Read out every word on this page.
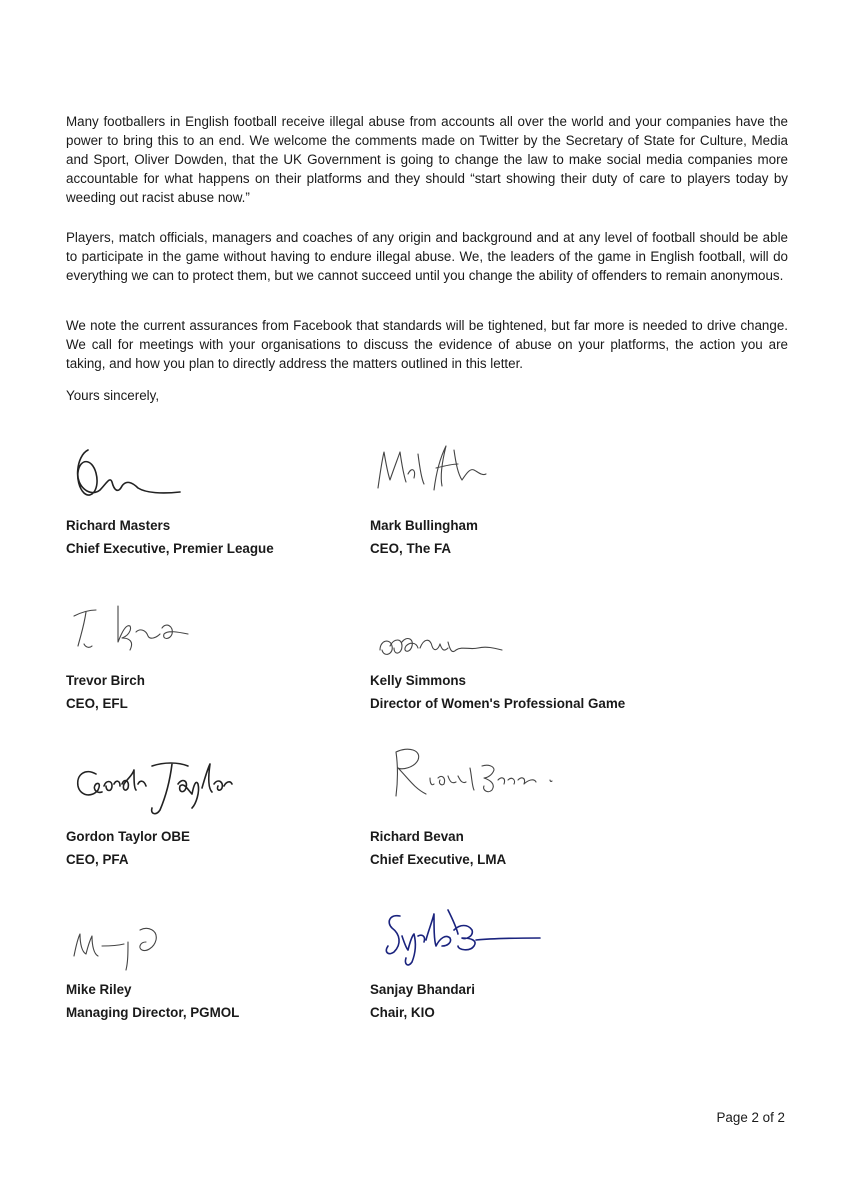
Many footballers in English football receive illegal abuse from accounts all over the world and your companies have the power to bring this to an end. We welcome the comments made on Twitter by the Secretary of State for Culture, Media and Sport, Oliver Dowden, that the UK Government is going to change the law to make social media companies more accountable for what happens on their platforms and they should “start showing their duty of care to players today by weeding out racist abuse now.”
Players, match officials, managers and coaches of any origin and background and at any level of football should be able to participate in the game without having to endure illegal abuse. We, the leaders of the game in English football, will do everything we can to protect them, but we cannot succeed until you change the ability of offenders to remain anonymous.
We note the current assurances from Facebook that standards will be tightened, but far more is needed to drive change. We call for meetings with your organisations to discuss the evidence of abuse on your platforms, the action you are taking, and how you plan to directly address the matters outlined in this letter.
Yours sincerely,
Richard Masters
Chief Executive, Premier League
Mark Bullingham
CEO, The FA
Trevor Birch
CEO, EFL
Kelly Simmons
Director of Women's Professional Game
Gordon Taylor OBE
CEO, PFA
Richard Bevan
Chief Executive, LMA
Mike Riley
Managing Director, PGMOL
Sanjay Bhandari
Chair, KIO
Page 2 of 2
